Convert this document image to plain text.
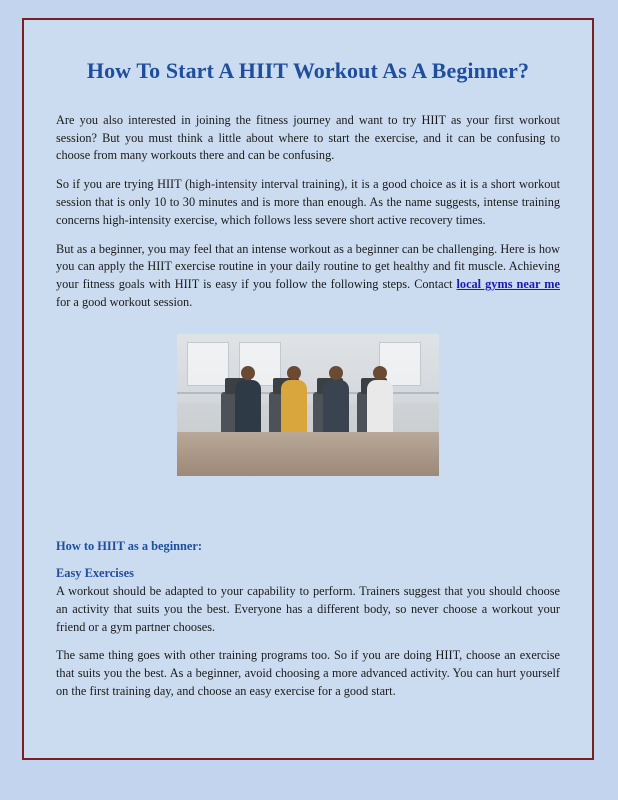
How To Start A HIIT Workout As A Beginner?

Are you also interested in joining the fitness journey and want to try HIIT as your first workout session? But you must think a little about where to start the exercise, and it can be confusing to choose from many workouts there and can be confusing.

So if you are trying HIIT (high-intensity interval training), it is a good choice as it is a short workout session that is only 10 to 30 minutes and is more than enough. As the name suggests, intense training concerns high-intensity exercise, which follows less severe short active recovery times.

But as a beginner, you may feel that an intense workout as a beginner can be challenging. Here is how you can apply the HIIT exercise routine in your daily routine to get healthy and fit muscle. Achieving your fitness goals with HIIT is easy if you follow the following steps. Contact local gyms near me for a good workout session.

How to HIIT as a beginner:
Easy Exercises

A workout should be adapted to your capability to perform. Trainers suggest that you should choose an activity that suits you the best. Everyone has a different body, so never choose a workout your friend or a gym partner chooses.

The same thing goes with other training programs too. So if you are doing HIIT, choose an exercise that suits you the best. As a beginner, avoid choosing a more advanced activity. You can hurt yourself on the first training day, and choose an easy exercise for a good start.
